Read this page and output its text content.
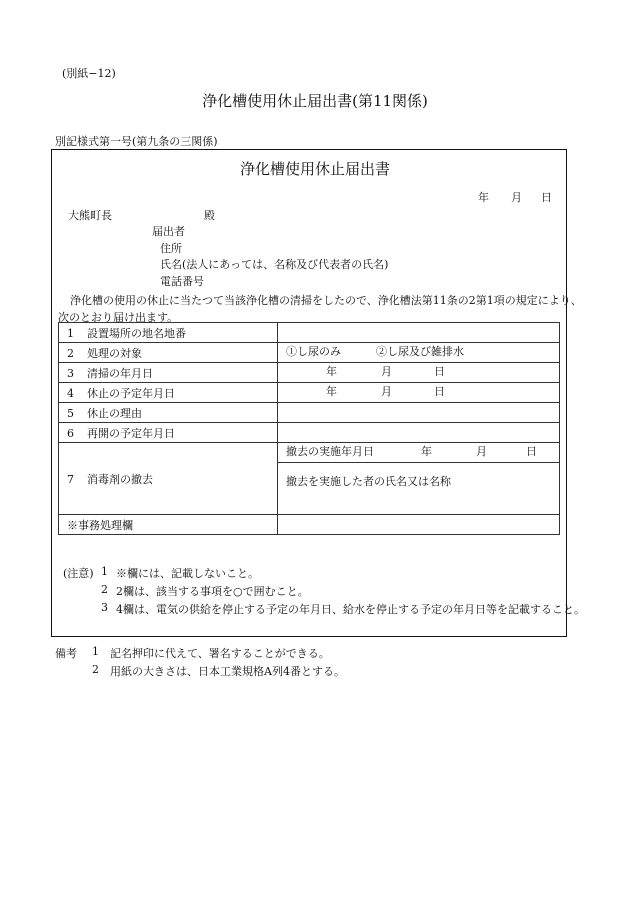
(別紙−12)
浄化槽使用休止届出書(第11関係)
別記様式第一号(第九条の三関係)
浄化槽使用休止届出書
年 月 日
大熊町長	殿
届出者
住所
氏名(法人にあっては、名称及び代表者の氏名)
電話番号
浄化槽の使用の休止に当たつて当該浄化槽の清掃をしたので、浄化槽法第11条の2第1項の規定により、
次のとおり届け出ます。
1 設置場所の地名地番	
2 処理の対象	①し尿のみ ②し尿及び雑排水

3 清掃の年月日	年 月 日

4 休止の予定年月日	年 月 日

5 休止の理由	
6 再開の予定年月日	
7 消毒剤の撤去	撤去の実施年月日 年 月 日

	撤去を実施した者の氏名又は名称
※事務処理欄	
(注意) 1 ※欄には、記載しないこと。
2 2欄は、該当する事項を○で囲むこと。
3 4欄は、電気の供給を停止する予定の年月日、給水を停止する予定の年月日等を記載すること。
備考 1 記名押印に代えて、署名することができる。
2 用紙の大きさは、日本工業規格A列4番とする。
